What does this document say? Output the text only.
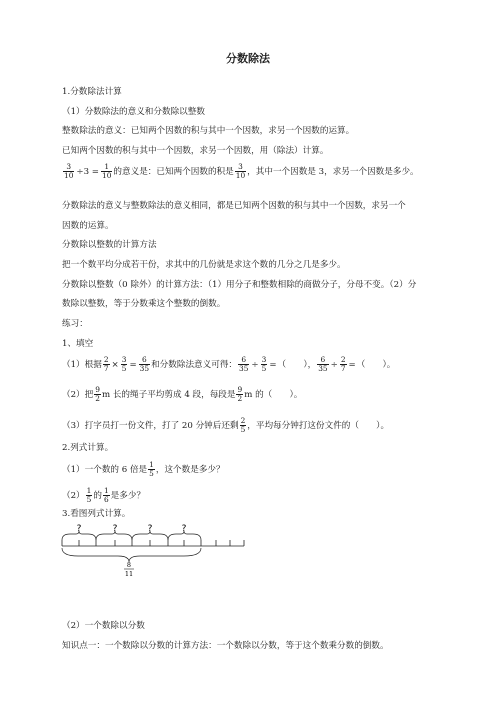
分数除法
1.分数除法计算
（1）分数除法的意义和分数除以整数
整数除法的意义：已知两个因数的积与其中一个因数，求另一个因数的运算。
已知两个因数的积与其中一个因数，求另一个因数，用（除法）计算。
$\frac{3}{10} \div 3 = \frac{1}{10}$ 的意义是：已知两个因数的积是 $\frac{3}{10}$ ，其中一个因数是 3，求另一个因数是多少。
分数除法的意义与整数除法的意义相同，都是已知两个因数的积与其中一个因数，求另一个
因数的运算。
分数除以整数的计算方法
把一个数平均分成若干份，求其中的几份就是求这个数的几分之几是多少。
分数除以整数（0 除外）的计算方法：（1）用分子和整数相除的商做分子，分母不变。（2）分
数除以整数，等于分数乘这个整数的倒数。
练习：
1、填空
（1）根据 $\frac{2}{7} \times \frac{3}{5} = \frac{6}{35}$ 和分数除法意义可得： $\frac{6}{35} \div \frac{3}{5}$ =（　　）， $\frac{6}{35} \div \frac{2}{7}$ =（　　）。
（2）把 $\frac{9}{2}$ m 长的绳子平均剪成 4 段，每段是 $\frac{9}{2}$ m 的（　　）。
（3）打字员打一份文件，打了 20 分钟后还剩 $\frac{2}{5}$ ，平均每分钟打这份文件的（　　）。
2.列式计算。
（1）一个数的 6 倍是 $\frac{1}{5}$ ，这个数是多少？
$(2) \frac{1}{5}$ 的 $\frac{1}{6}$ 是多少？
3.看图列式计算。
?	?	?	?
8
11
（2）一个数除以分数
知识点一：一个数除以分数的计算方法：一个数除以分数，等于这个数乘分数的倒数。
